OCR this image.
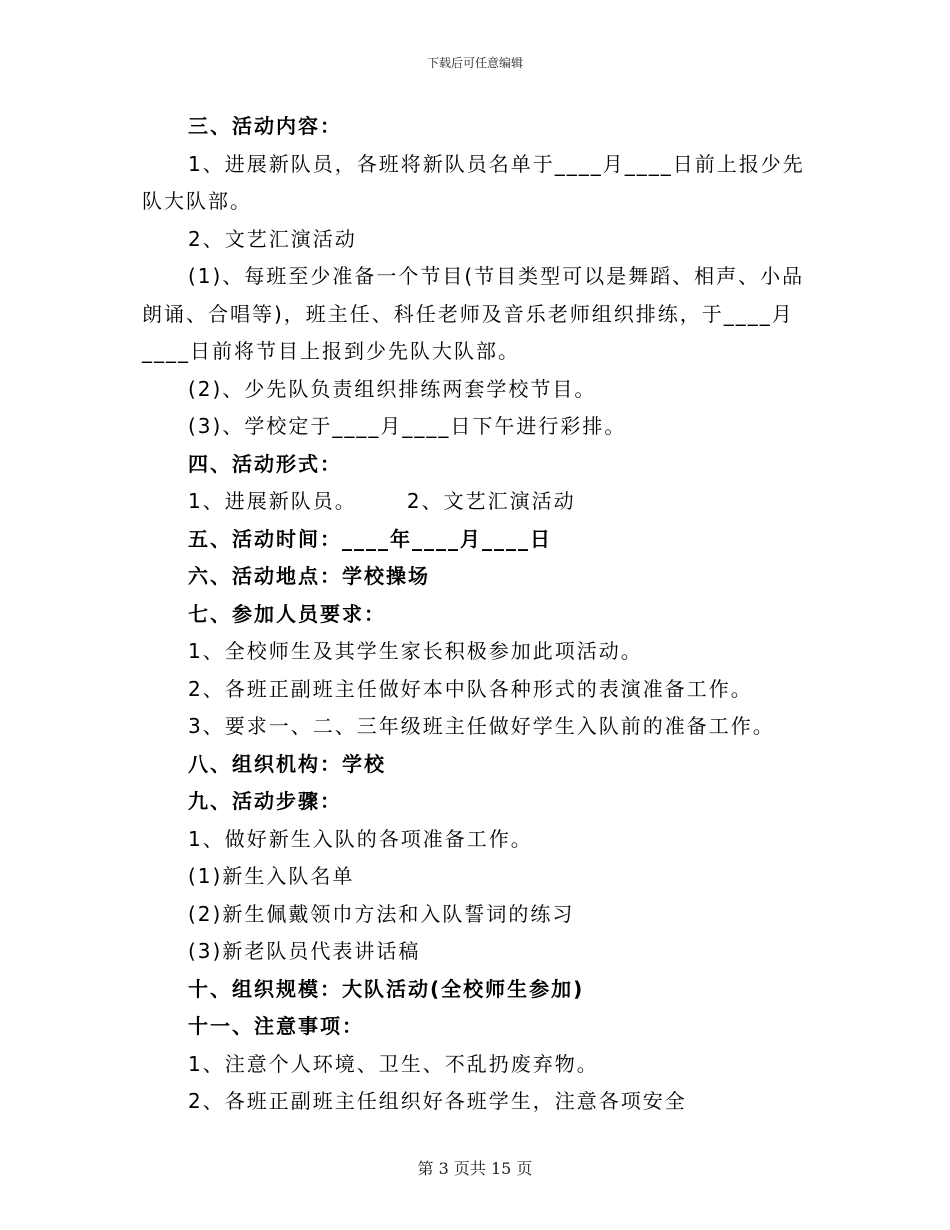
下载后可任意编辑

三、活动内容：

1、进展新队员，各班将新队员名单于____月____日前上报少先队大队部。

2、文艺汇演活动

(1)、每班至少准备一个节目(节目类型可以是舞蹈、相声、小品朗诵、合唱等)，班主任、科任老师及音乐老师组织排练，于____月____日前将节目上报到少先队大队部。

(2)、少先队负责组织排练两套学校节目。

(3)、学校定于____月____日下午进行彩排。

四、活动形式：

1、进展新队员。      2、文艺汇演活动

五、活动时间：____年____月____日

六、活动地点：学校操场

七、参加人员要求：

1、全校师生及其学生家长积极参加此项活动。

2、各班正副班主任做好本中队各种形式的表演准备工作。

3、要求一、二、三年级班主任做好学生入队前的准备工作。

八、组织机构：学校

九、活动步骤：

1、做好新生入队的各项准备工作。

(1)新生入队名单

(2)新生佩戴领巾方法和入队誓词的练习

(3)新老队员代表讲话稿

十、组织规模：大队活动(全校师生参加)

十一、注意事项：

1、注意个人环境、卫生、不乱扔废弃物。

2、各班正副班主任组织好各班学生，注意各项安全

第 3 页共 15 页
